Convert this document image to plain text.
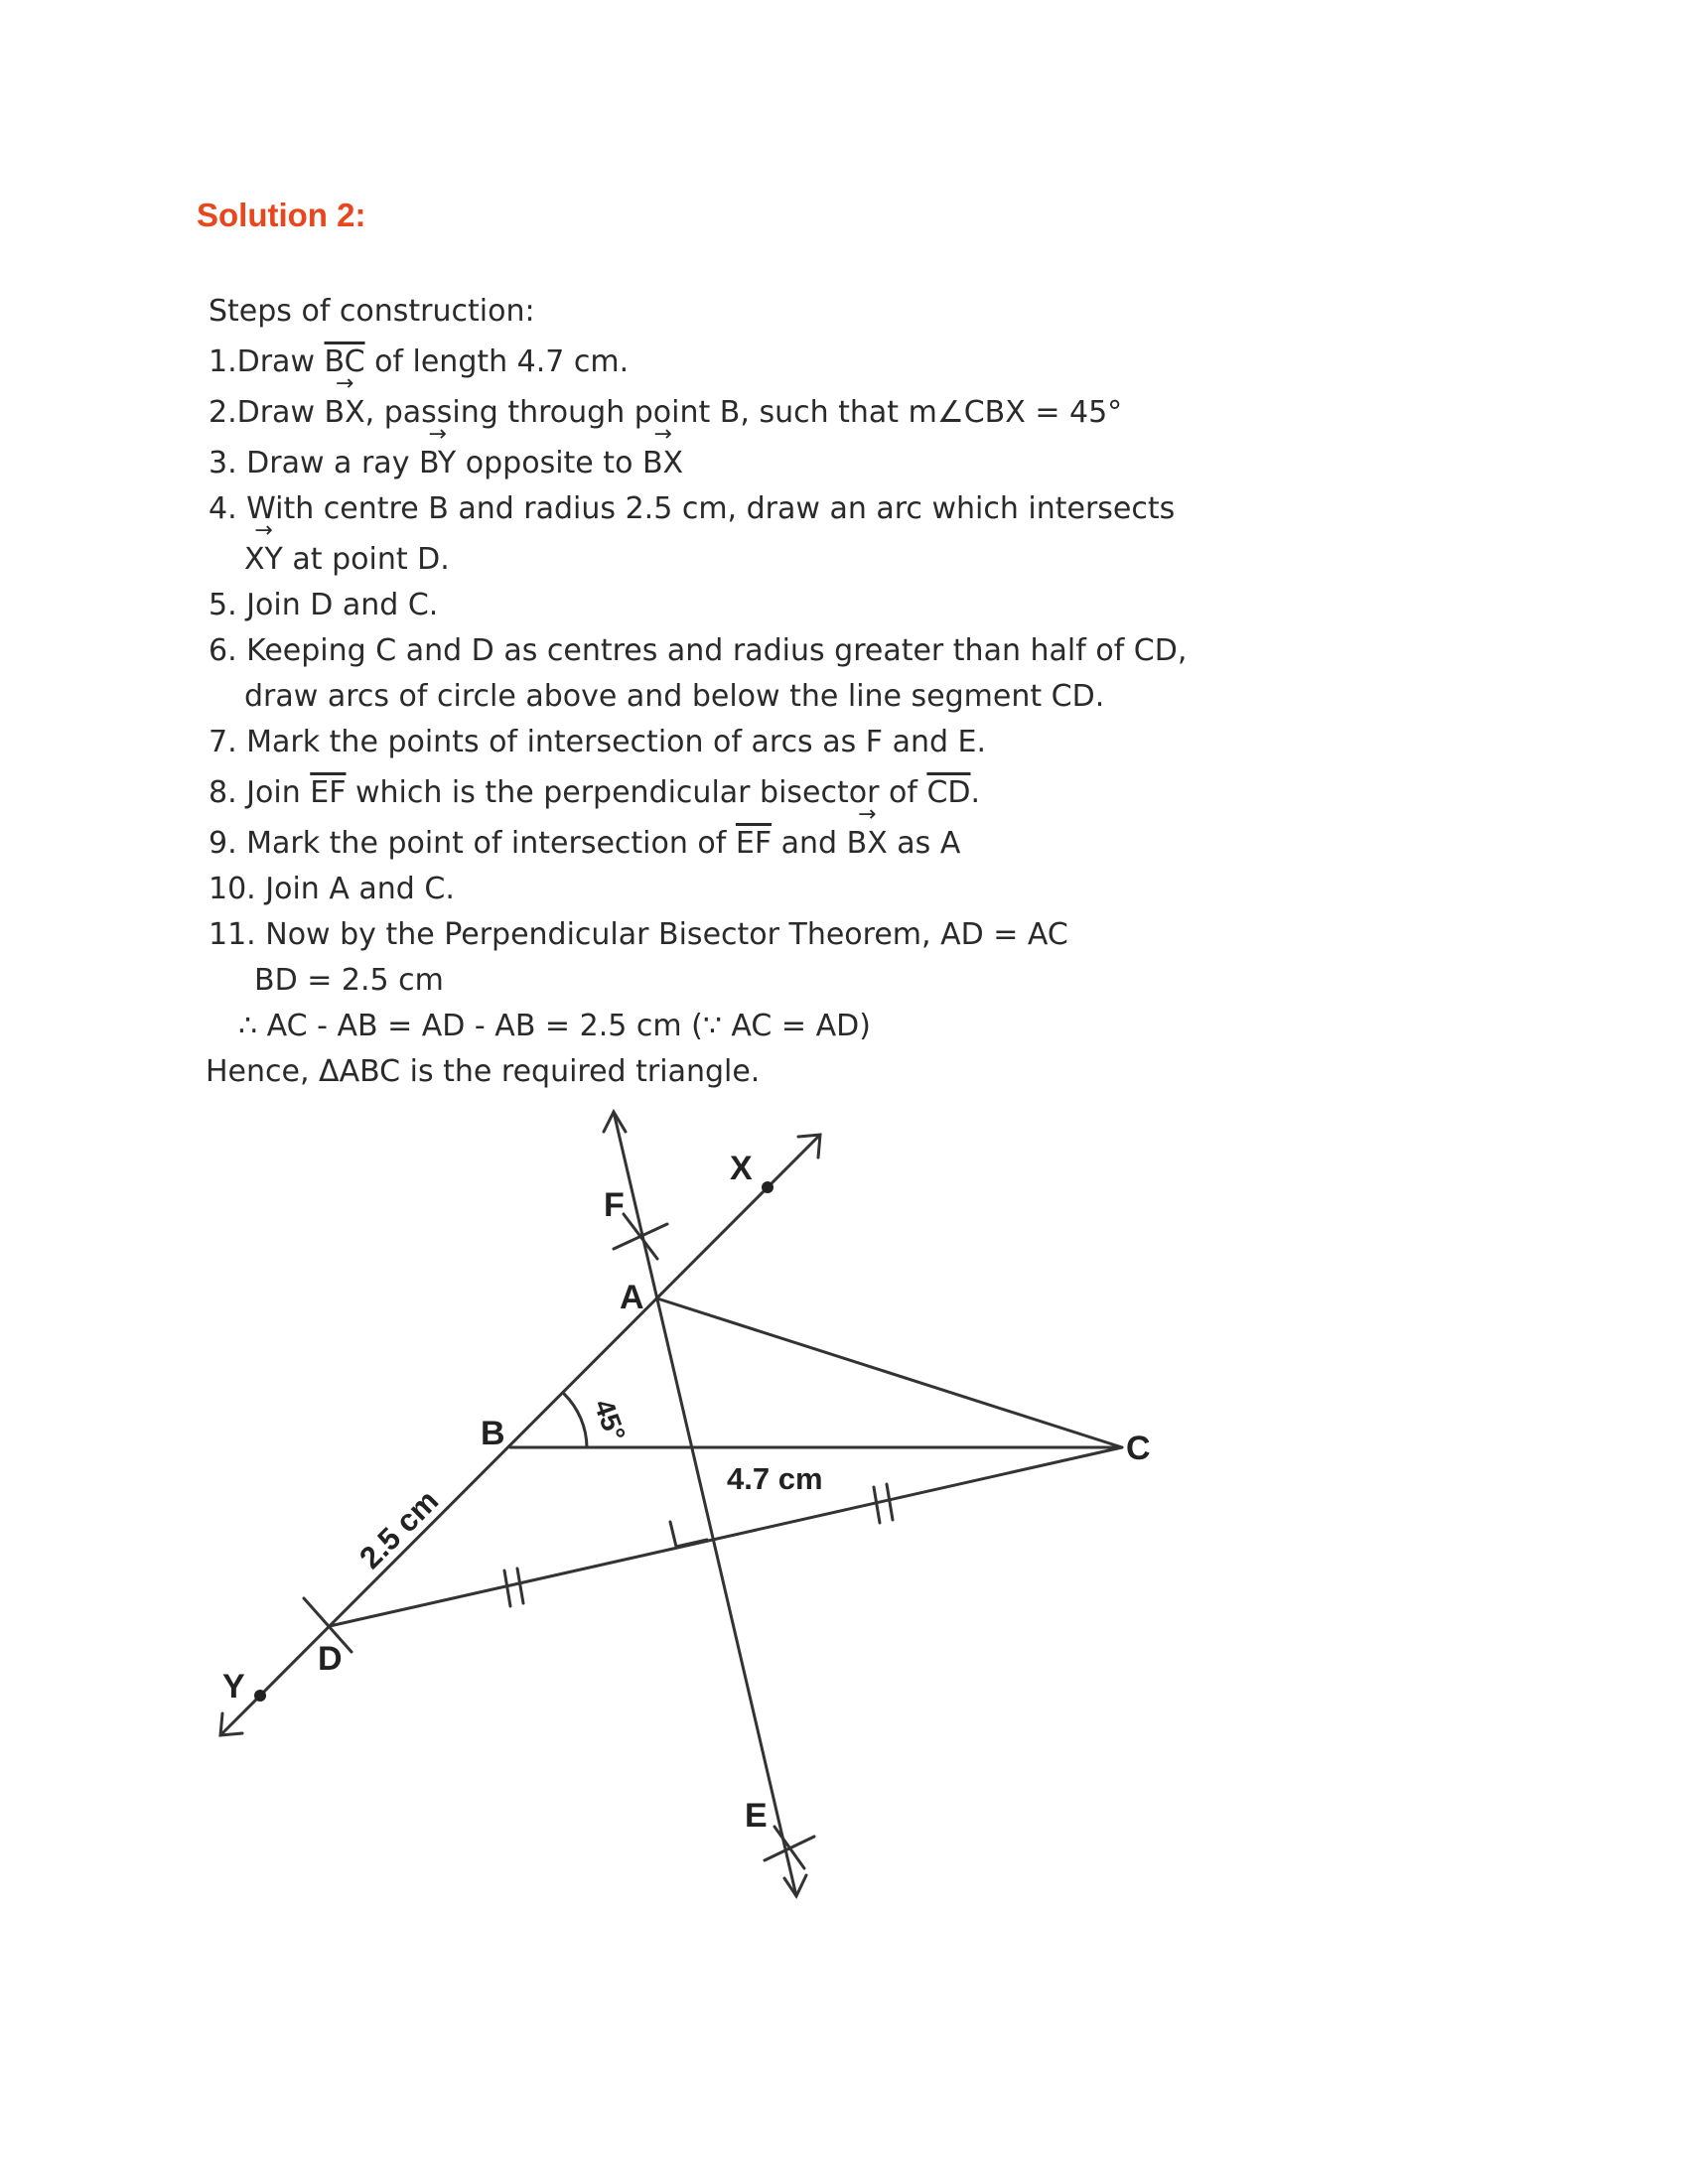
Solution 2:
Steps of construction:
1.Draw $\overline{BC}$ of length 4.7 cm.
2.Draw → BX, passing through point B, such that m∠CBX = 45°
3. Draw a ray → BY opposite to → BX
4. With centre B and radius 2.5 cm, draw an arc which intersects
→ XY at point D.
5. Join D and C.
6. Keeping C and D as centres and radius greater than half of CD,
draw arcs of circle above and below the line segment CD.
7. Mark the points of intersection of arcs as F and E.
8. Join $\overline{EF}$ which is the perpendicular bisector of $\overline{CD}$.
9. Mark the point of intersection of $\overline{EF}$ and → BX as A
10. Join A and C.
11. Now by the Perpendicular Bisector Theorem, AD = AC
BD = 2.5 cm
∴ AC - AB = AD - AB = 2.5 cm (∵ AC = AD)
Hence, ΔABC is the required triangle.
X
F
A
B	C
D
Y
E
4.7 cm
2.5 cm
45°
